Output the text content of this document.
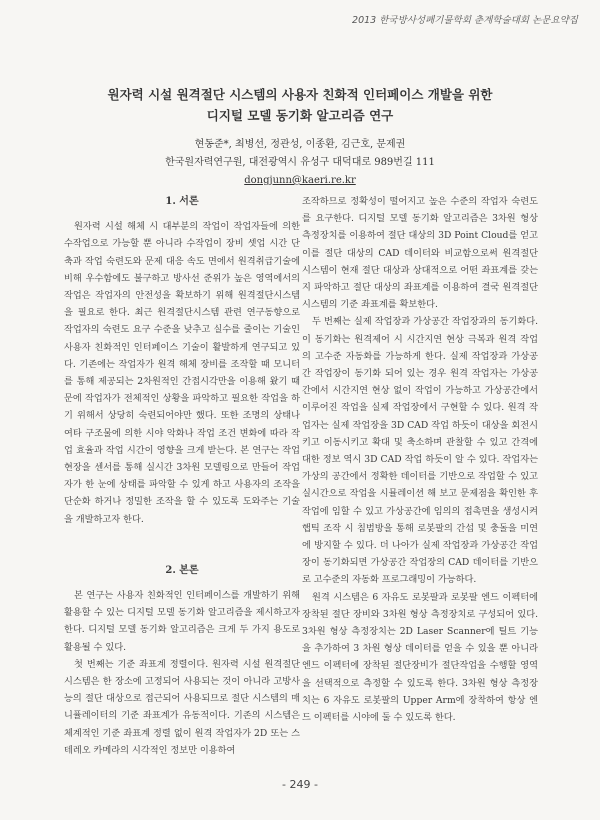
2013 한국방사성폐기물학회 춘계학술대회 논문요약집
원자력 시설 원격절단 시스템의 사용자 친화적 인터페이스 개발을 위한
디지털 모델 동기화 알고리즘 연구
현동준*, 최병선, 정관성, 이종환, 김근호, 문제권
한국원자력연구원, 대전광역시 유성구 대덕대로 989번길 111
dongjunn@kaeri.re.kr
1. 서론

원자력 시설 해체 시 대부분의 작업이 작업자들에 의한 수작업으로 가능할 뿐 아니라 수작업이 장비 셋업 시간 단축과 작업 숙련도와 문제 대응 속도 면에서 원격취급기술에 비해 우수함에도 불구하고 방사선 준위가 높은 영역에서의 작업은 작업자의 안전성을 확보하기 위해 원격절단시스템을 필요로 한다. 최근 원격절단시스템 관련 연구동향으로 작업자의 숙련도 요구 수준을 낮추고 실수를 줄이는 기술인 사용자 친화적인 인터페이스 기술이 활발하게 연구되고 있다. 기존에는 작업자가 원격 해체 장비를 조작할 때 모니터를 통해 제공되는 2차원적인 간접시각만을 이용해 왔기 때문에 작업자가 전체적인 상황을 파악하고 필요한 작업을 하기 위해서 상당히 숙련되어야만 했다. 또한 조명의 상태나 여타 구조물에 의한 시야 악화나 작업 조건 변화에 따라 작업 효율과 작업 시간이 영향을 크게 받는다. 본 연구는 작업 현장을 센서를 통해 실시간 3차원 모델링으로 만들어 작업자가 한 눈에 상태를 파악할 수 있게 하고 사용자의 조작을 단순화 하거나 정밀한 조작을 할 수 있도록 도와주는 기술을 개발하고자 한다.

2. 본론

본 연구는 사용자 친화적인 인터페이스를 개발하기 위해 활용할 수 있는 디지털 모델 동기화 알고리즘을 제시하고자 한다. 디지털 모델 동기화 알고리즘은 크게 두 가지 용도로 활용될 수 있다.

첫 번째는 기준 좌표계 정렬이다. 원자력 시설 원격절단 시스템은 한 장소에 고정되어 사용되는 것이 아니라 고방사능의 절단 대상으로 접근되어 사용되므로 절단 시스템의 매니퓰레이터의 기준 좌표계가 유동적이다. 기존의 시스템은 체계적인 기준 좌표계 정렬 없이 원격 작업자가 2D 또는 스테레오 카메라의 시각적인 정보만 이용하여

조작하므로 정확성이 떨어지고 높은 수준의 작업자 숙련도를 요구한다. 디지털 모델 동기화 알고리즘은 3차원 형상 측정장치를 이용하여 절단 대상의 3D Point Cloud를 얻고 이를 절단 대상의 CAD 데이터와 비교함으로써 원격절단 시스템이 현재 절단 대상과 상대적으로 어떤 좌표계를 갖는지 파악하고 절단 대상의 좌표계를 이용하여 결국 원격절단 시스템의 기준 좌표계를 확보한다.

두 번째는 실제 작업장과 가상공간 작업장과의 동기화다. 이 동기화는 원격제어 시 시간지연 현상 극복과 원격 작업의 고수준 자동화를 가능하게 한다. 실제 작업장과 가상공간 작업장이 동기화 되어 있는 경우 원격 작업자는 가상공간에서 시간지연 현상 없이 작업이 가능하고 가상공간에서 이루어진 작업을 실제 작업장에서 구현할 수 있다. 원격 작업자는 실제 작업장을 3D CAD 작업 하듯이 대상을 회전시키고 이동시키고 확대 및 축소하며 관찰할 수 있고 간격에 대한 정보 역시 3D CAD 작업 하듯이 알 수 있다. 작업자는 가상의 공간에서 정확한 데이터를 기반으로 작업할 수 있고 실시간으로 작업을 시뮬레이션 해 보고 문제점을 확인한 후 작업에 임할 수 있고 가상공간에 임의의 접촉면을 생성시켜 햅틱 조작 시 침범방을 통해 로봇팔의 간섭 및 충돌을 미연에 방지할 수 있다. 더 나아가 실제 작업장과 가상공간 작업장이 동기화되면 가상공간 작업장의 CAD 데이터를 기반으로 고수준의 자동화 프로그래밍이 가능하다.

원격 시스템은 6 자유도 로봇팔과 로봇팔 엔드 이펙터에 장착된 절단 장비와 3차원 형상 측정장치로 구성되어 있다. 3차원 형상 측정장치는 2D Laser Scanner에 틸트 기능을 추가하여 3 차원 형상 데이터를 얻을 수 있을 뿐 아니라 엔드 이펙터에 장착된 절단장비가 절단작업을 수행할 영역을 선택적으로 측정할 수 있도록 한다. 3차원 형상 측정장치는 6 자유도 로봇팔의 Upper Arm에 장착하여 항상 엔드 이펙터를 시야에 둘 수 있도록 한다.

- 249 -
